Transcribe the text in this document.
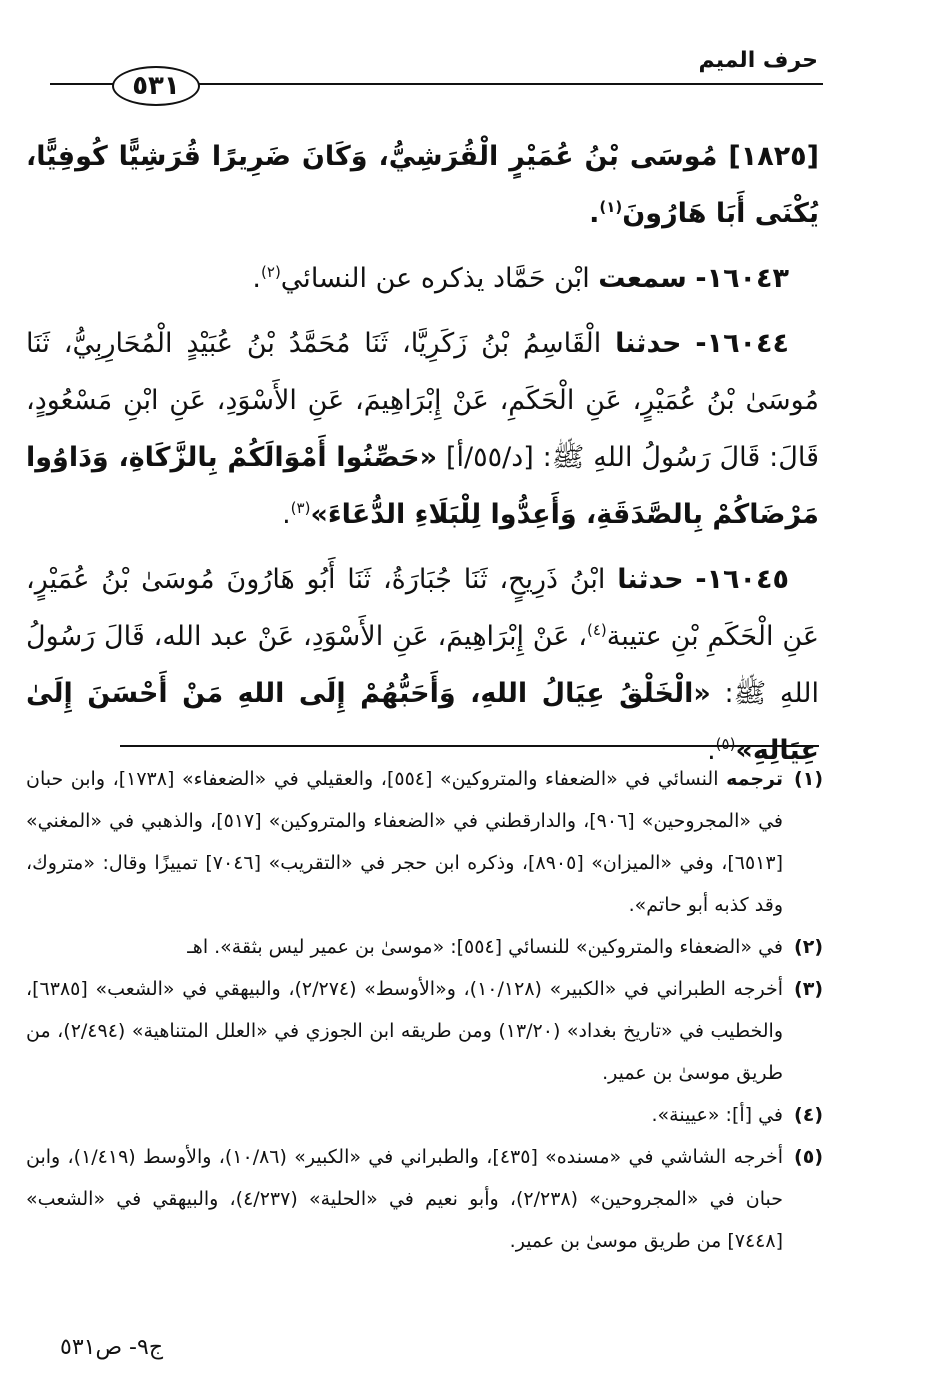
حرف الميم
٥٣١

[١٨٢٥] مُوسَى بْنُ عُمَيْرٍ الْقُرَشِيُّ، وَكَانَ ضَرِيرًا قُرَشِيًّا كُوفِيًّا، يُكْنَى أَبَا هَارُونَ$^{(١)}$.

١٦٠٤٣- سمعت ابْن حَمَّاد يذكره عن النسائي$^{(٢)}$.

١٦٠٤٤- حدثنا الْقَاسِمُ بْنُ زَكَرِيَّا، ثَنَا مُحَمَّدُ بْنُ عُبَيْدٍ الْمُحَارِبِيُّ، ثَنَا مُوسَىٰ بْنُ عُمَيْرٍ، عَنِ الْحَكَمِ، عَنْ إِبْرَاهِيمَ، عَنِ الأَسْوَدِ، عَنِ ابْنِ مَسْعُودٍ، قَالَ: قَالَ رَسُولُ اللهِ ﷺ: [د/٥٥/أ] «حَصِّنُوا أَمْوَالَكُمْ بِالزَّكَاةِ، وَدَاوُوا مَرْضَاكُمْ بِالصَّدَقَةِ، وَأَعِدُّوا لِلْبَلَاءِ الدُّعَاءَ»$^{(٣)}$.

١٦٠٤٥- حدثنا ابْنُ ذَرِيحٍ، ثَنَا جُبَارَةُ، ثَنَا أَبُو هَارُونَ مُوسَىٰ بْنُ عُمَيْرٍ، عَنِ الْحَكَمِ بْنِ عتيبة$^{(٤)}$، عَنْ إِبْرَاهِيمَ، عَنِ الأَسْوَدِ، عَنْ عبد الله، قَالَ رَسُولُ اللهِ ﷺ: «الْخَلْقُ عِيَالُ اللهِ، وَأَحَبُّهُمْ إِلَى اللهِ مَنْ أَحْسَنَ إِلَىٰ عِيَالِهِ»$^{(٥)}$.

(١)
ترجمه النسائي في «الضعفاء والمتروكين» [٥٥٤]، والعقيلي في «الضعفاء» [١٧٣٨]، وابن حبان في «المجروحين» [٩٠٦]، والدارقطني في «الضعفاء والمتروكين» [٥١٧]، والذهبي في «المغني» [٦٥١٣]، وفي «الميزان» [٨٩٠٥]، وذكره ابن حجر في «التقريب» [٧٠٤٦] تمييزًا وقال: «متروك، وقد كذبه أبو حاتم».

(٢)
في «الضعفاء والمتروكين» للنسائي [٥٥٤]: «موسىٰ بن عمير ليس بثقة». اهـ

(٣)
أخرجه الطبراني في «الكبير» (١٠/١٢٨)، و«الأوسط» (٢/٢٧٤)، والبيهقي في «الشعب» [٦٣٨٥]، والخطيب في «تاريخ بغداد» (١٣/٢٠) ومن طريقه ابن الجوزي في «العلل المتناهية» (٢/٤٩٤)، من طريق موسىٰ بن عمير.

(٤)
في [أ]: «عيينة».

(٥)
أخرجه الشاشي في «مسنده» [٤٣٥]، والطبراني في «الكبير» (١٠/٨٦)، والأوسط (١/٤١٩)، وابن حبان في «المجروحين» (٢/٢٣٨)، وأبو نعيم في «الحلية» (٤/٢٣٧)، والبيهقي في «الشعب» [٧٤٤٨] من طريق موسىٰ بن عمير.

ج٩- ص٥٣١
